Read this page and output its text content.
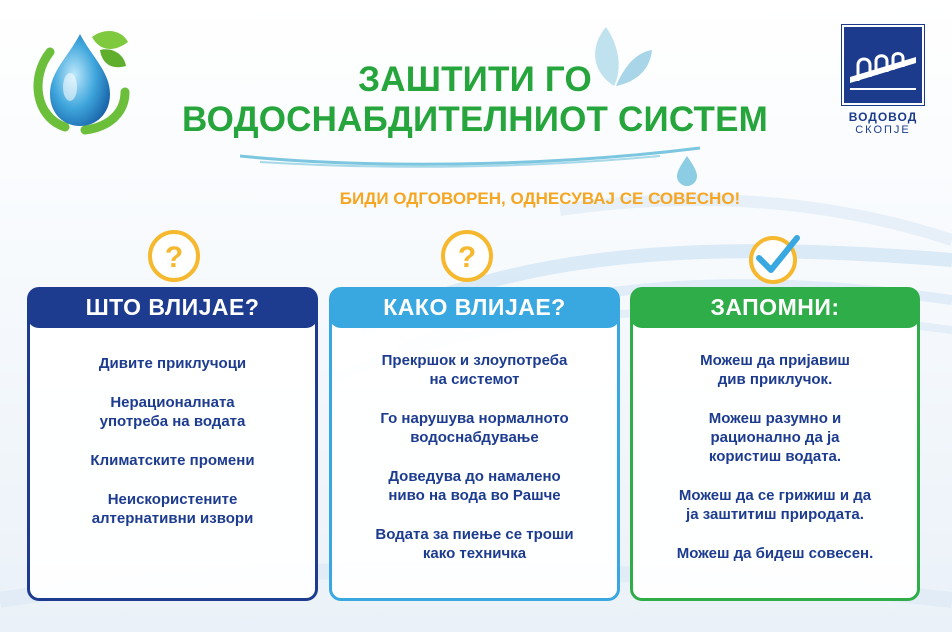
ЗАШТИТИ ГО
ВОДОСНАБДИТЕЛНИОТ СИСТЕМ
БИДИ ОДГОВОРЕН, ОДНЕСУВАЈ СЕ СОВЕСНО!
ВОДОВОД
СКОПЈЕ
?	?
ШТО ВЛИЈАЕ?
Дивите приклучоци
Нерационалната
употреба на водата
Климатските промени
Неискористените
алтернативни извори
КАКО ВЛИЈАЕ?
Прекршок и злоупотреба
на системот
Го нарушува нормалното
водоснабдување
Доведува до намалено
ниво на вода во Рашче
Водата за пиење се троши
како техничка
ЗАПОМНИ:
Можеш да пријавиш
див приклучок.
Можеш разумно и
рационално да ја
користиш водата.
Можеш да се грижиш и да
ја заштитиш природата.
Можеш да бидеш совесен.
